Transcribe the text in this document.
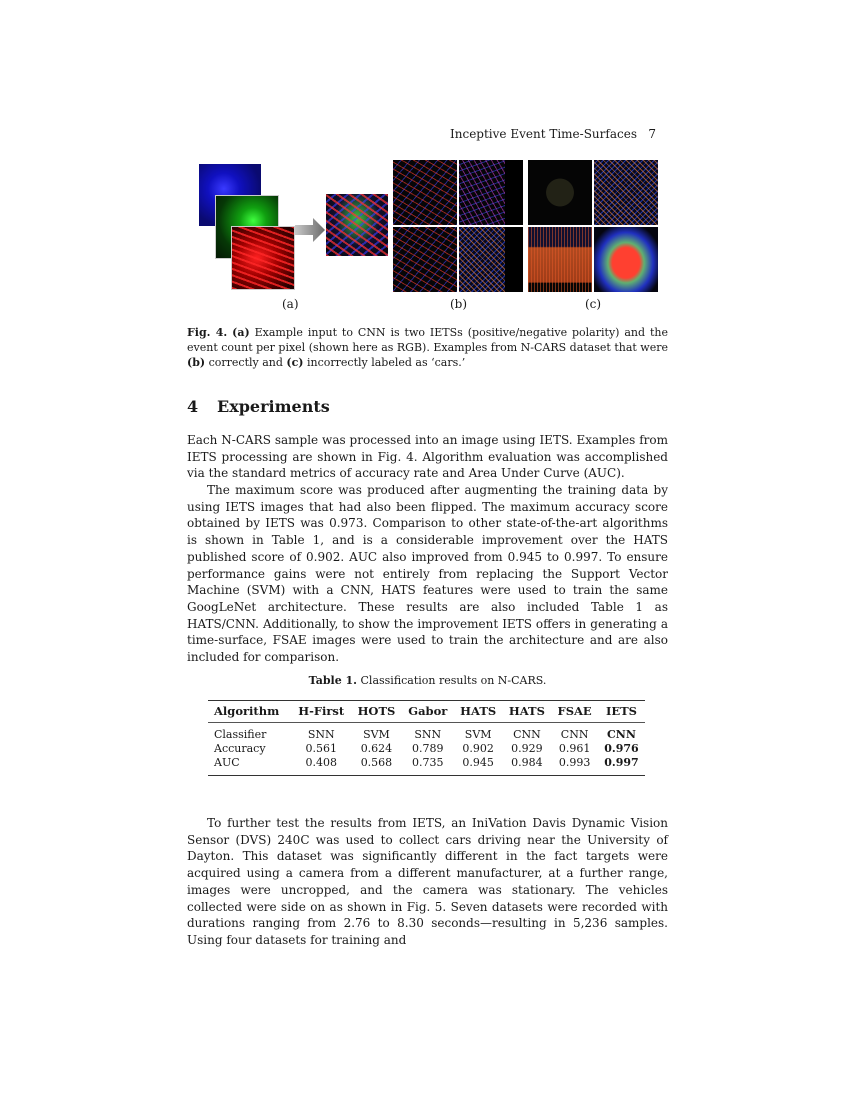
Inceptive Event Time-Surfaces 7
(a)	(b)	(c)
Fig. 4. (a) Example input to CNN is two IETSs (positive/negative polarity) and the event count per pixel (shown here as RGB). Examples from N-CARS dataset that were (b) correctly and (c) incorrectly labeled as ‘cars.’
4 Experiments

Each N-CARS sample was processed into an image using IETS. Examples from IETS processing are shown in Fig. 4. Algorithm evaluation was accomplished via the standard metrics of accuracy rate and Area Under Curve (AUC).

The maximum score was produced after augmenting the training data by using IETS images that had also been flipped. The maximum accuracy score obtained by IETS was 0.973. Comparison to other state-of-the-art algorithms is shown in Table 1, and is a considerable improvement over the HATS published score of 0.902. AUC also improved from 0.945 to 0.997. To ensure performance gains were not entirely from replacing the Support Vector Machine (SVM) with a CNN, HATS features were used to train the same GoogLeNet architecture. These results are also included Table 1 as HATS/CNN. Additionally, to show the improvement IETS offers in generating a time-surface, FSAE images were used to train the architecture and are also included for comparison.

Table 1. Classification results on N-CARS.
Algorithm	H-First	HOTS	Gabor	HATS	HATS	FSAE	IETS
Classifier	SNN	SVM	SNN	SVM	CNN	CNN	CNN
Accuracy	0.561	0.624	0.789	0.902	0.929	0.961	0.976
AUC	0.408	0.568	0.735	0.945	0.984	0.993	0.997

To further test the results from IETS, an IniVation Davis Dynamic Vision Sensor (DVS) 240C was used to collect cars driving near the University of Dayton. This dataset was significantly different in the fact targets were acquired using a camera from a different manufacturer, at a further range, images were uncropped, and the camera was stationary. The vehicles collected were side on as shown in Fig. 5. Seven datasets were recorded with durations ranging from 2.76 to 8.30 seconds—resulting in 5,236 samples. Using four datasets for training and
